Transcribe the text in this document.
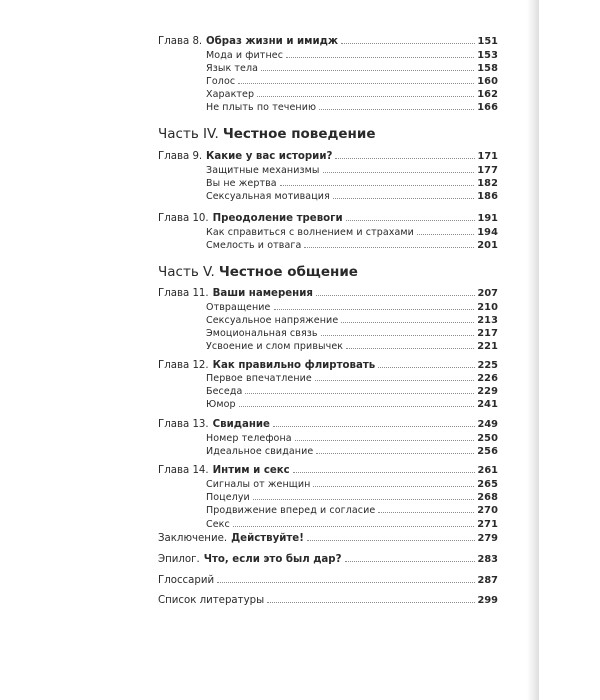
Глава 8. Образ жизни и имидж	151
Мода и фитнес	153
Язык тела	158
Голос	160
Характер	162
Не плыть по течению	166
Часть IV. Честное поведение
Глава 9. Какие у вас истории?	171
Защитные механизмы	177
Вы не жертва	182
Сексуальная мотивация	186
Глава 10. Преодоление тревоги	191
Как справиться с волнением и страхами	194
Смелость и отвага	201
Часть V. Честное общение
Глава 11. Ваши намерения	207
Отвращение	210
Сексуальное напряжение	213
Эмоциональная связь	217
Усвоение и слом привычек	221
Глава 12. Как правильно флиртовать	225
Первое впечатление	226
Беседа	229
Юмор	241
Глава 13. Свидание	249
Номер телефона	250
Идеальное свидание	256
Глава 14. Интим и секс	261
Сигналы от женщин	265
Поцелуи	268
Продвижение вперед и согласие	270
Секс	271
Заключение. Действуйте!	279
Эпилог. Что, если это был дар?	283
Глоссарий	287
Список литературы	299
